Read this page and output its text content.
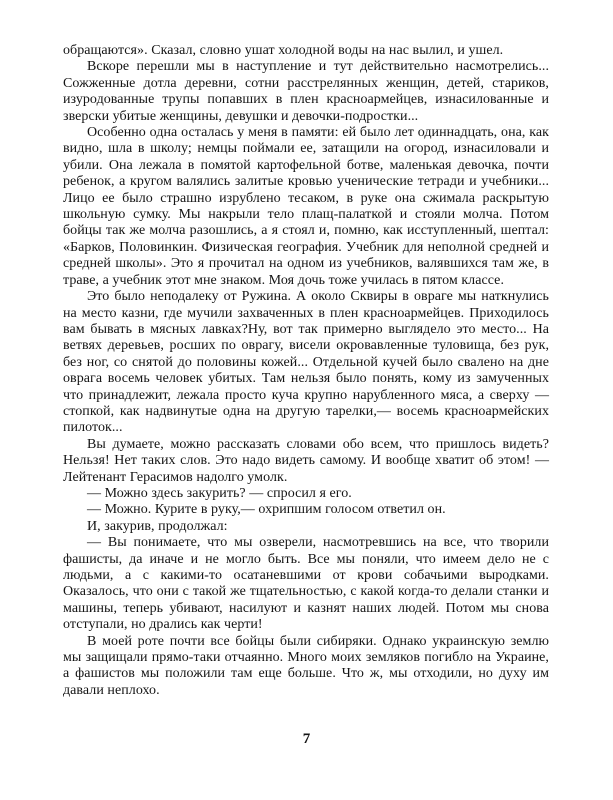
обращаются». Сказал, словно ушат холодной воды на нас вылил, и ушел.

Вскоре перешли мы в наступление и тут действительно насмотрелись... Сожженные дотла деревни, сотни расстрелянных женщин, детей, стариков, изуродованные трупы попавших в плен красноармейцев, изнасилованные и зверски убитые женщины, девушки и девочки-подростки...

Особенно одна осталась у меня в памяти: ей было лет одиннадцать, она, как видно, шла в школу; немцы поймали ее, затащили на огород, изнасиловали и убили. Она лежала в помятой картофельной ботве, маленькая девочка, почти ребенок, а кругом валялись залитые кровью ученические тетради и учебники... Лицо ее было страшно изрублено тесаком, в руке она сжимала раскрытую школьную сумку. Мы накрыли тело плащ-палаткой и стояли молча. Потом бойцы так же молча разошлись, а я стоял и, помню, как исступленный, шептал: «Барков, Половинкин. Физическая география. Учебник для неполной средней и средней школы». Это я прочитал на одном из учебников, валявшихся там же, в траве, а учебник этот мне знаком. Моя дочь тоже училась в пятом классе.

Это было неподалеку от Ружина. А около Сквиры в овраге мы наткнулись на место казни, где мучили захваченных в плен красноармейцев. Приходилось вам бывать в мясных лавках?Ну, вот так примерно выглядело это место... На ветвях деревьев, росших по оврагу, висели окровавленные туловища, без рук, без ног, со снятой до половины кожей... Отдельной кучей было свалено на дне оврага восемь человек убитых. Там нельзя было понять, кому из замученных что принадлежит, лежала просто куча крупно нарубленного мяса, а сверху — стопкой, как надвинутые одна на другую тарелки,— восемь красноармейских пилоток...

Вы думаете, можно рассказать словами обо всем, что пришлось видеть? Нельзя! Нет таких слов. Это надо видеть самому. И вообще хватит об этом! — Лейтенант Герасимов надолго умолк.

— Можно здесь закурить? — спросил я его.

— Можно. Курите в руку,— охрипшим голосом ответил он.

И, закурив, продолжал:

— Вы понимаете, что мы озверели, насмотревшись на все, что творили фашисты, да иначе и не могло быть. Все мы поняли, что имеем дело не с людьми, а с какими-то осатаневшими от крови собачьими выродками. Оказалось, что они с такой же тщательностью, с какой когда-то делали станки и машины, теперь убивают, насилуют и казнят наших людей. Потом мы снова отступали, но дрались как черти!

В моей роте почти все бойцы были сибиряки. Однако украинскую землю мы защищали прямо-таки отчаянно. Много моих земляков погибло на Украине, а фашистов мы положили там еще больше. Что ж, мы отходили, но духу им давали неплохо.

7
